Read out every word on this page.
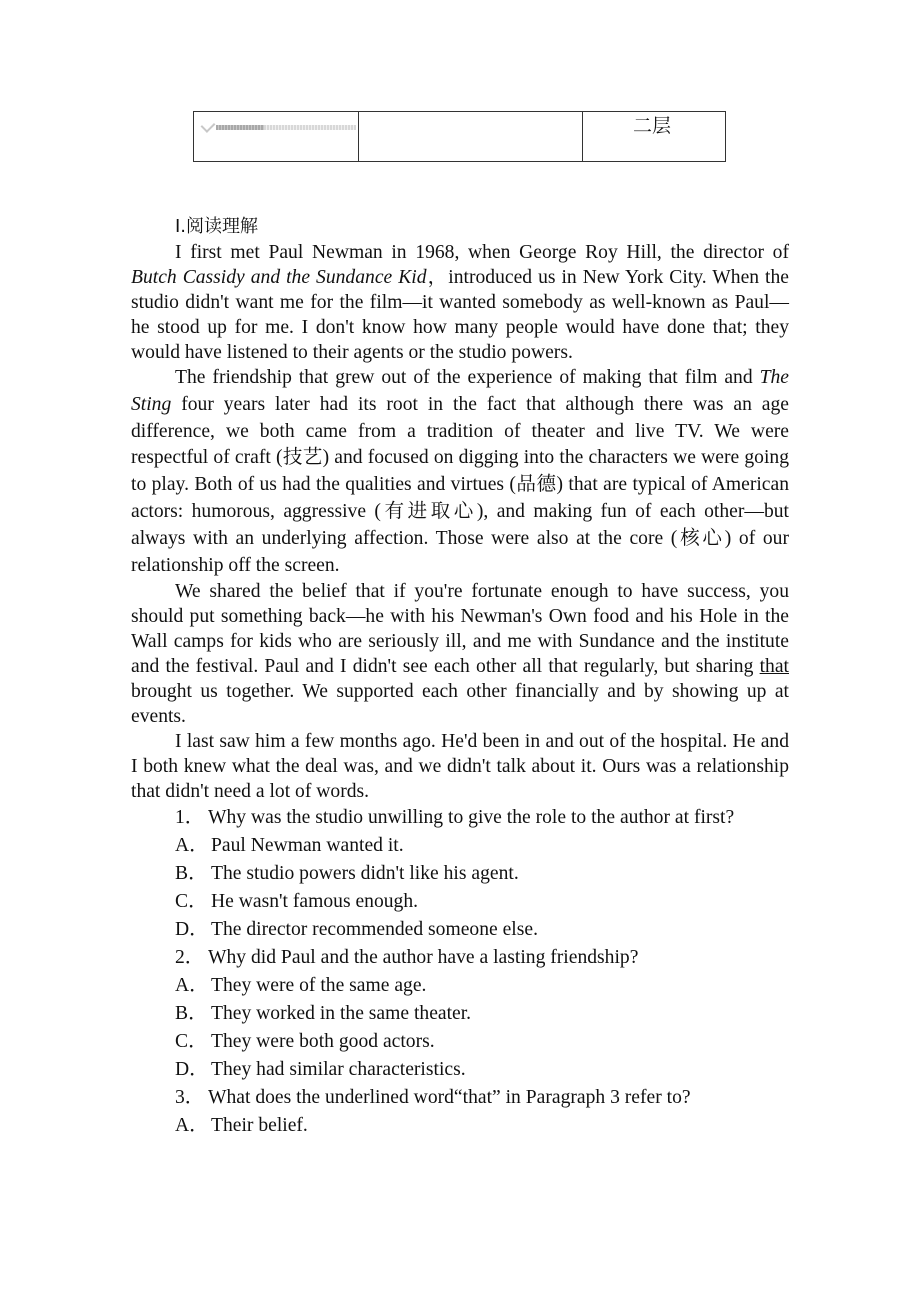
		二层
Ⅰ.阅读理解

I first met Paul Newman in 1968, when George Roy Hill, the director of Butch Cassidy and the Sundance Kid，introduced us in New York City. When the studio didn't want me for the film—it wanted somebody as well-known as Paul—he stood up for me. I don't know how many people would have done that; they would have listened to their agents or the studio powers.

The friendship that grew out of the experience of making that film and The Sting four years later had its root in the fact that although there was an age difference, we both came from a tradition of theater and live TV. We were respectful of craft (技艺) and focused on digging into the characters we were going to play. Both of us had the qualities and virtues (品德) that are typical of American actors: humorous, aggressive (有进取心), and making fun of each other—but always with an underlying affection. Those were also at the core (核心) of our relationship off the screen.

We shared the belief that if you're fortunate enough to have success, you should put something back—he with his Newman's Own food and his Hole in the Wall camps for kids who are seriously ill, and me with Sundance and the institute and the festival. Paul and I didn't see each other all that regularly, but sharing that brought us together. We supported each other financially and by showing up at events.

I last saw him a few months ago. He'd been in and out of the hospital. He and I both knew what the deal was, and we didn't talk about it. Ours was a relationship that didn't need a lot of words.

1． Why was the studio unwilling to give the role to the author at first?
A． Paul Newman wanted it.
B． The studio powers didn't like his agent.
C． He wasn't famous enough.
D． The director recommended someone else.
2． Why did Paul and the author have a lasting friendship?
A． They were of the same age.
B． They worked in the same theater.
C． They were both good actors.
D． They had similar characteristics.
3． What does the underlined word“that” in Paragraph 3 refer to?
A． Their belief.
